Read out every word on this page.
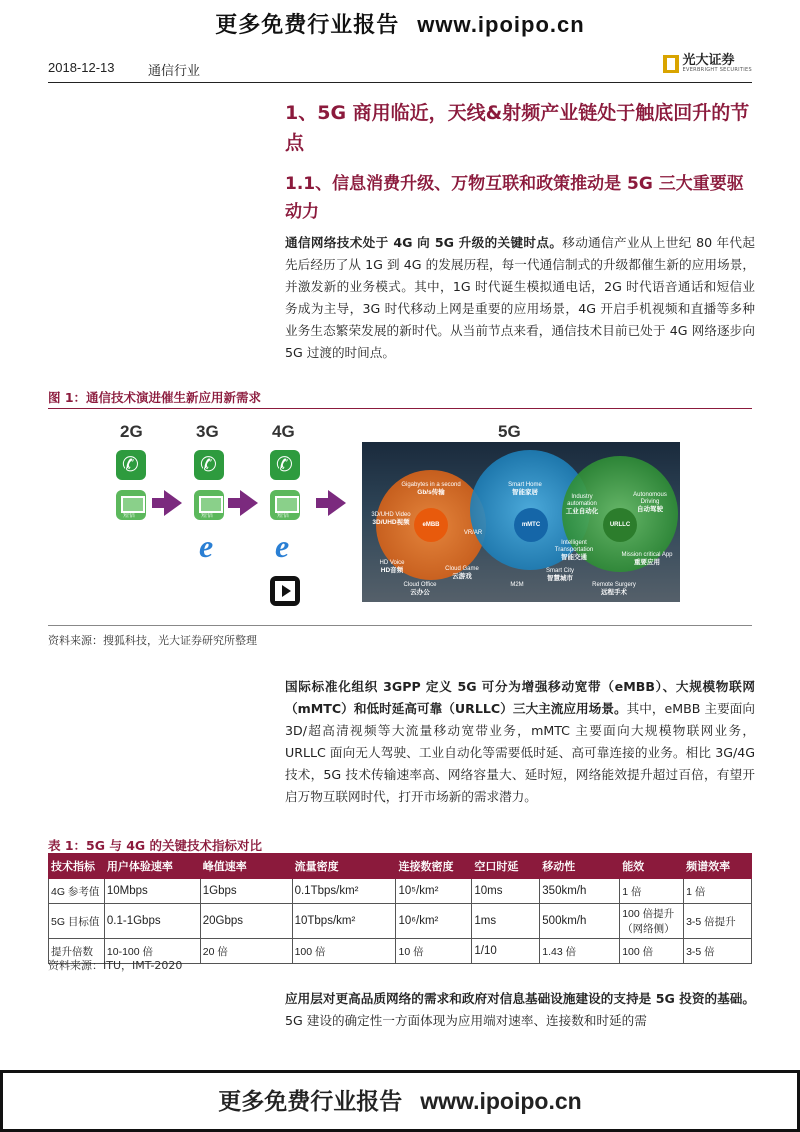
更多免费行业报告 www.ipoipo.cn
2018-12-13	通信行业
光大证券
EVERBRIGHT SECURITIES
1、5G 商用临近，天线&射频产业链处于触底回升的节点
1.1、信息消费升级、万物互联和政策推动是 5G 三大重要驱动力
通信网络技术处于 4G 向 5G 升级的关键时点。移动通信产业从上世纪 80 年代起先后经历了从 1G 到 4G 的发展历程，每一代通信制式的升级都催生新的应用场景，并激发新的业务模式。其中，1G 时代诞生模拟通电话，2G 时代语音通话和短信业务成为主导，3G 时代移动上网是重要的应用场景，4G 开启手机视频和直播等多种业务生态繁荣发展的新时代。从当前节点来看，通信技术目前已处于 4G 网络逐步向 5G 过渡的时间点。
图 1：通信技术演进催生新应用新需求
2G	3G	4G
✆
短信
✆
短信
e
✆
短信
e	5G
eMBB	mMTC	URLLC
Gigabytes in a second
Gb/s传输
3D/UHD Video
3D/UHD视频
VR/AR
HD Voice
HD音频	Cloud Game
云游戏
Cloud Office
云办公
Smart Home
智能家居
Smart City
智慧城市
M2M
Industry automation
工业自动化
Autonomous Driving
自动驾驶
Intelligent Transportation
智能交通	Mission critical App
重要应用
Remote Surgery
远程手术
资料来源：搜狐科技，光大证券研究所整理
国际标准化组织 3GPP 定义 5G 可分为增强移动宽带（eMBB）、大规模物联网（mMTC）和低时延高可靠（URLLC）三大主流应用场景。其中，eMBB 主要面向 3D/超高清视频等大流量移动宽带业务，mMTC 主要面向大规模物联网业务，URLLC 面向无人驾驶、工业自动化等需要低时延、高可靠连接的业务。相比 3G/4G 技术，5G 技术传输速率高、网络容量大、延时短，网络能效提升超过百倍，有望开启万物互联网时代，打开市场新的需求潜力。
表 1：5G 与 4G 的关键技术指标对比
技术指标	用户体验速率	峰值速率	流量密度	连接数密度	空口时延	移动性	能效	频谱效率
4G 参考值	10Mbps	1Gbps	0.1Tbps/km²	10⁵/km²	10ms	350km/h	1 倍	1 倍
5G 目标值	0.1-1Gbps	20Gbps	10Tbps/km²	10⁶/km²	1ms	500km/h	100 倍提升（网络侧）	3-5 倍提升
提升倍数	10-100 倍	20 倍	100 倍	10 倍	1/10	1.43 倍	100 倍	3-5 倍
资料来源：ITU，IMT-2020
应用层对更高品质网络的需求和政府对信息基础设施建设的支持是 5G 投资的基础。5G 建设的确定性一方面体现为应用端对速率、连接数和时延的需
更多免费行业报告 www.ipoipo.cn
